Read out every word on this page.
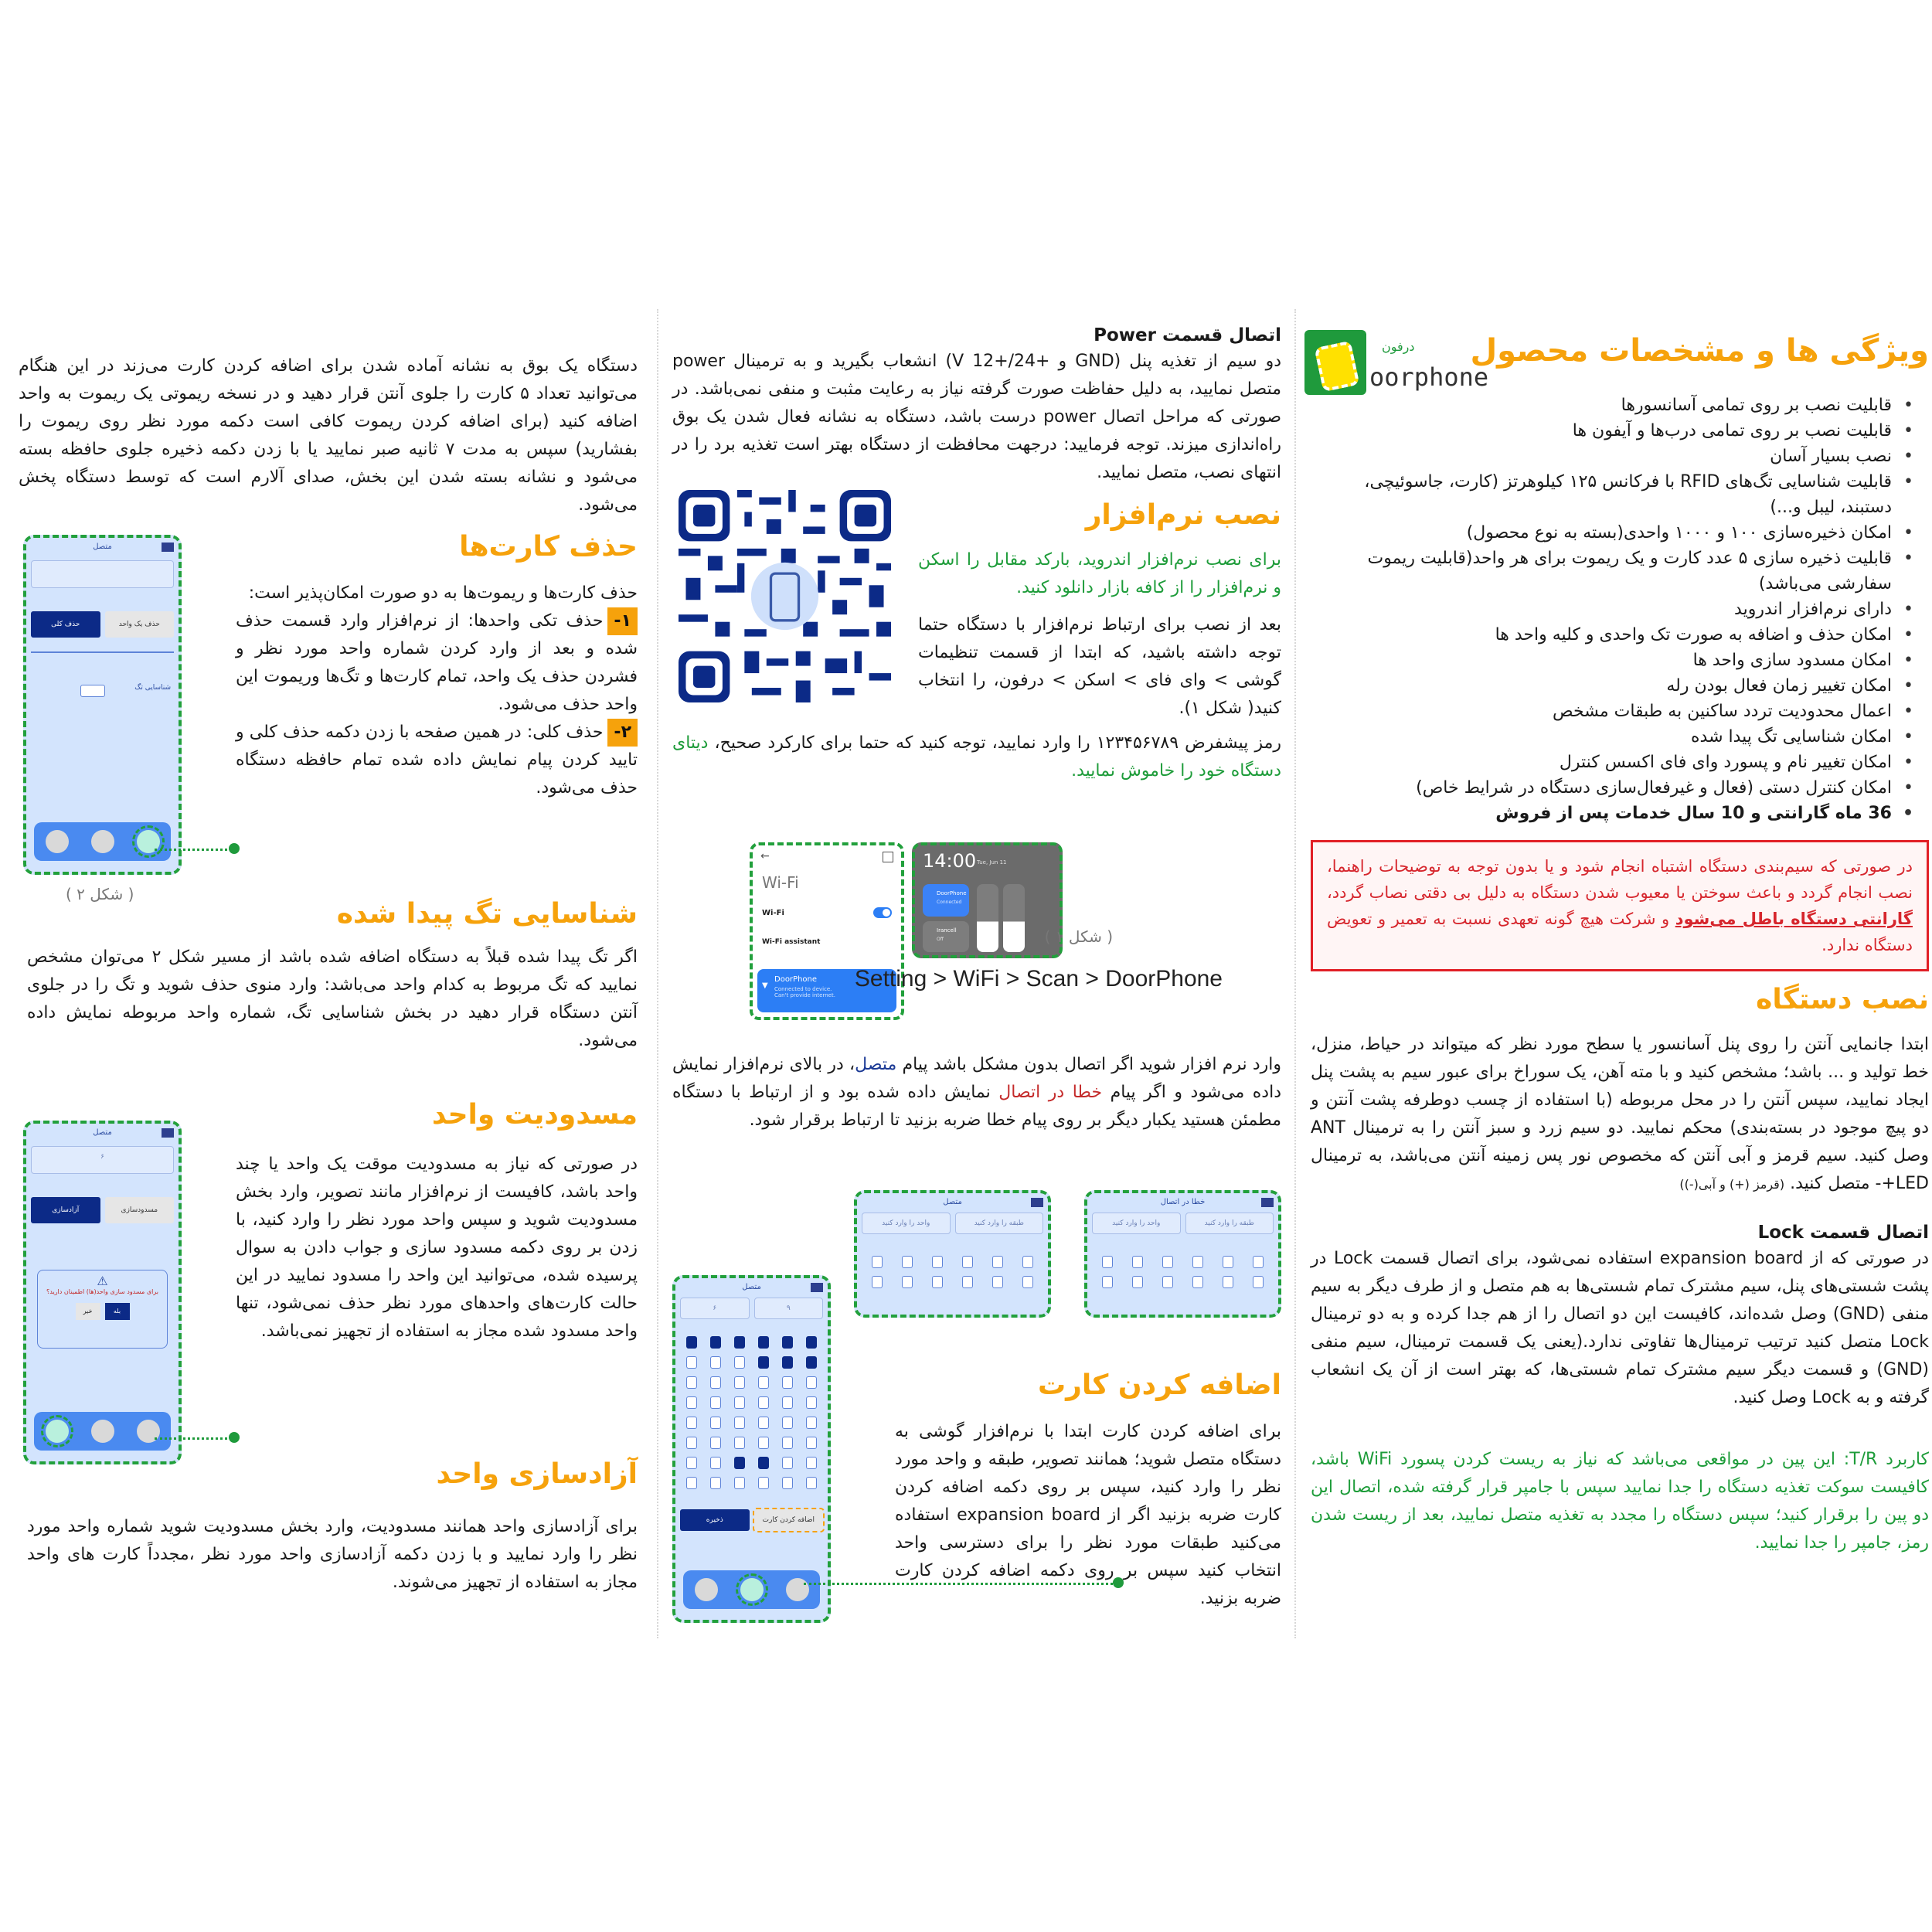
درفون
oorphone
ویژگی ها و مشخصات محصول
• قابلیت نصب بر روی تمامی آسانسورها
• قابلیت نصب بر روی تمامی درب‌ها و آیفون ها
• نصب بسیار آسان
• قابلیت شناسایی تگ‌های RFID با فرکانس ۱۲۵ کیلوهرتز (کارت، جاسوئیچی، دستبند، لیبل و...)
• امکان ذخیره‌سازی ۱۰۰ و ۱۰۰۰ واحدی(بسته به نوع محصول)
• قابلیت ذخیره سازی ۵ عدد کارت و یک ریموت برای هر واحد(قابلیت ریموت سفارشی می‌باشد)
• دارای نرم‌افزار اندروید
• امکان حذف و اضافه به صورت تک واحدی و کلیه واحد ها
• امکان مسدود سازی واحد ها
• امکان تغییر زمان فعال بودن رله
• اعمال محدودیت تردد ساکنین به طبقات مشخص
• امکان شناسایی تگ پیدا شده
• امکان تغییر نام و پسورد وای فای اکسس کنترل
• امکان کنترل دستی (فعال و غیرفعال‌سازی دستگاه در شرایط خاص)
• 36 ماه گارانتی و 10 سال خدمات پس از فروش

در صورتی که سیم‌بندی دستگاه اشتباه انجام شود و یا بدون توجه به توضیحات راهنما، نصب انجام گردد و باعث سوختن یا معیوب شدن دستگاه به دلیل بی دقتی نصاب گردد، گارانتی دستگاه باطل می‌شود و شرکت هیچ گونه تعهدی نسبت به تعمیر و تعویض دستگاه ندارد.

نصب دستگاه

ابتدا جانمایی آنتن را روی پنل آسانسور یا سطح مورد نظر که میتواند در حیاط، منزل، خط تولید و ... باشد؛ مشخص کنید و با مته آهن، یک سوراخ برای عبور سیم به پشت پنل ایجاد نمایید، سپس آنتن را در محل مربوطه (با استفاده از چسب دوطرفه پشت آنتن و دو پیچ موجود در بسته‌بندی) محکم نمایید. دو سیم زرد و سبز آنتن را به ترمینال ANT وصل کنید. سیم قرمز و آبی آنتن که مخصوص نور پس زمینه آنتن می‌باشد، به ترمینال LED+- متصل کنید. (قرمز (+) و آبی(-))

اتصال قسمت Lock

در صورتی که از expansion board استفاده نمی‌شود، برای اتصال قسمت Lock در پشت شستی‌های پنل، سیم مشترک تمام شستی‌ها به هم متصل و از طرف دیگر به سیم منفی (GND) وصل شده‌اند، کافیست این دو اتصال را از هم جدا کرده و به دو ترمینال Lock متصل کنید ترتیب ترمینال‌ها تفاوتی ندارد.(یعنی یک قسمت ترمینال، سیم منفی (GND) و قسمت دیگر سیم مشترک تمام شستی‌ها، که بهتر است از آن یک انشعاب گرفته و به Lock وصل کنید.

کاربرد T/R: این پین در مواقعی می‌باشد که نیاز به ریست کردن پسورد WiFi باشد، کافیست سوکت تغذیه دستگاه را جدا نمایید سپس با جامپر قرار گرفته شده، اتصال این دو پین را برقرار کنید؛ سپس دستگاه را مجدد به تغذیه متصل نمایید، بعد از ریست شدن رمز، جامپر را جدا نمایید.

اتصال قسمت Power

دو سیم از تغذیه پنل (GND و +24/+12 V) انشعاب بگیرید و به ترمینال power متصل نمایید، به دلیل حفاظت صورت گرفته نیاز به رعایت مثبت و منفی نمی‌باشد. در صورتی که مراحل اتصال power درست باشد، دستگاه به نشانه فعال شدن یک بوق راه‌اندازی میزند. توجه فرمایید: درجهت محافظت از دستگاه بهتر است تغذیه برد را در انتهای نصب، متصل نمایید.

نصب نرم‌افزار

برای نصب نرم‌افزار اندروید، بارکد مقابل را اسکن و نرم‌افزار را از کافه بازار دانلود کنید.

بعد از نصب برای ارتباط نرم‌افزار با دستگاه حتما توجه داشته باشید، که ابتدا از قسمت تنظیمات گوشی > وای فای > اسکن > درفون، را انتخاب کنید( شکل ۱).

رمز پیشفرض ۱۲۳۴۵۶۷۸۹ را وارد نمایید، توجه کنید که حتما برای کارکرد صحیح، دیتای دستگاه خود را خاموش نمایید.

←
Wi-Fi
Wi-Fi
Wi-Fi assistant
DoorPhone
Connected to device. Can't provide internet.
▼
14:00 Tue, Jun 11
DoorPhone
Connected
Irancell
Off	( شکل ۱ )
Setting > WiFi > Scan > DoorPhone

وارد نرم افزار شوید اگر اتصال بدون مشکل باشد پیام متصل، در بالای نرم‌افزار نمایش داده می‌شود و اگر پیام خطا در اتصال نمایش داده شده بود و از ارتباط با دستگاه مطمئن هستید یکبار دیگر بر روی پیام خطا ضربه بزنید تا ارتباط برقرار شود.

خطا در اتصال
طبقه را وارد کنید
واحد را وارد کنید
متصل
طبقه را وارد کنید
واحد را وارد کنید
متصل
۹
۶
ذخیره	اضافه کردن کارت
اضافه کردن کارت

برای اضافه کردن کارت ابتدا با نرم‌افزار گوشی به دستگاه متصل شوید؛ همانند تصویر، طبقه و واحد مورد نظر را وارد کنید، سپس بر روی دکمه اضافه کردن کارت ضربه بزنید اگر از expansion board استفاده می‌کنید طبقات مورد نظر را برای دسترسی واحد انتخاب کنید سپس بر روی دکمه اضافه کردن کارت ضربه بزنید.

دستگاه یک بوق به نشانه آماده شدن برای اضافه کردن کارت می‌زند در این هنگام می‌توانید تعداد ۵ کارت را جلوی آنتن قرار دهید و در نسخه ریموتی یک ریموت به واحد اضافه کنید (برای اضافه کردن ریموت کافی است دکمه مورد نظر روی ریموت را بفشارید) سپس به مدت ۷ ثانیه صبر نمایید یا با زدن دکمه ذخیره جلوی حافظه بسته می‌شود و نشانه بسته شدن این بخش، صدای آلارم است که توسط دستگاه پخش می‌شود.

حذف کارت‌ها

حذف کارت‌ها و ریموت‌ها به دو صورت امکان‌پذیر است:

۱-حذف تکی واحدها: از نرم‌افزار وارد قسمت حذف شده و بعد از وارد کردن شماره واحد مورد نظر و فشردن حذف یک واحد، تمام کارت‌ها و تگ‌ها وریموت این واحد حذف می‌شود.

۲-حذف کلی: در همین صفحه با زدن دکمه حذف کلی و تایید کردن پیام نمایش داده شده تمام حافظه دستگاه حذف می‌شود.

متصل
حذف کلی	حذف یک واحد
شناسایی تگ
( شکل ۲ )
شناسایی تگ پیدا شده

اگر تگ پیدا شده قبلاً به دستگاه اضافه شده باشد از مسیر شکل ۲ می‌توان مشخص نمایید که تگ مربوط به کدام واحد می‌باشد: وارد منوی حذف شوید و تگ را در جلوی آنتن دستگاه قرار دهید در بخش شناسایی تگ، شماره واحد مربوطه نمایش داده می‌شود.

متصل
۶
آزادسازی	مسدودسازی
⚠
برای مسدود سازی واحد(ها) اطمینان دارید؟
خیر	بله
مسدودیت واحد

در صورتی که نیاز به مسدودیت موقت یک واحد یا چند واحد باشد، کافیست از نرم‌افزار مانند تصویر، وارد بخش مسدودیت شوید و سپس واحد مورد نظر را وارد کنید، با زدن بر روی دکمه مسدود سازی و جواب دادن به سوال پرسیده شده، می‌توانید این واحد را مسدود نمایید در این حالت کارت‌های واحدهای مورد نظر حذف نمی‌شود، تنها واحد مسدود شده مجاز به استفاده از تجهیز نمی‌باشد.

آزادسازی واحد

برای آزادسازی واحد همانند مسدودیت، وارد بخش مسدودیت شوید شماره واحد مورد نظر را وارد نمایید و با زدن دکمه آزادسازی واحد مورد نظر ،مجدداً کارت های واحد مجاز به استفاده از تجهیز می‌شوند.
